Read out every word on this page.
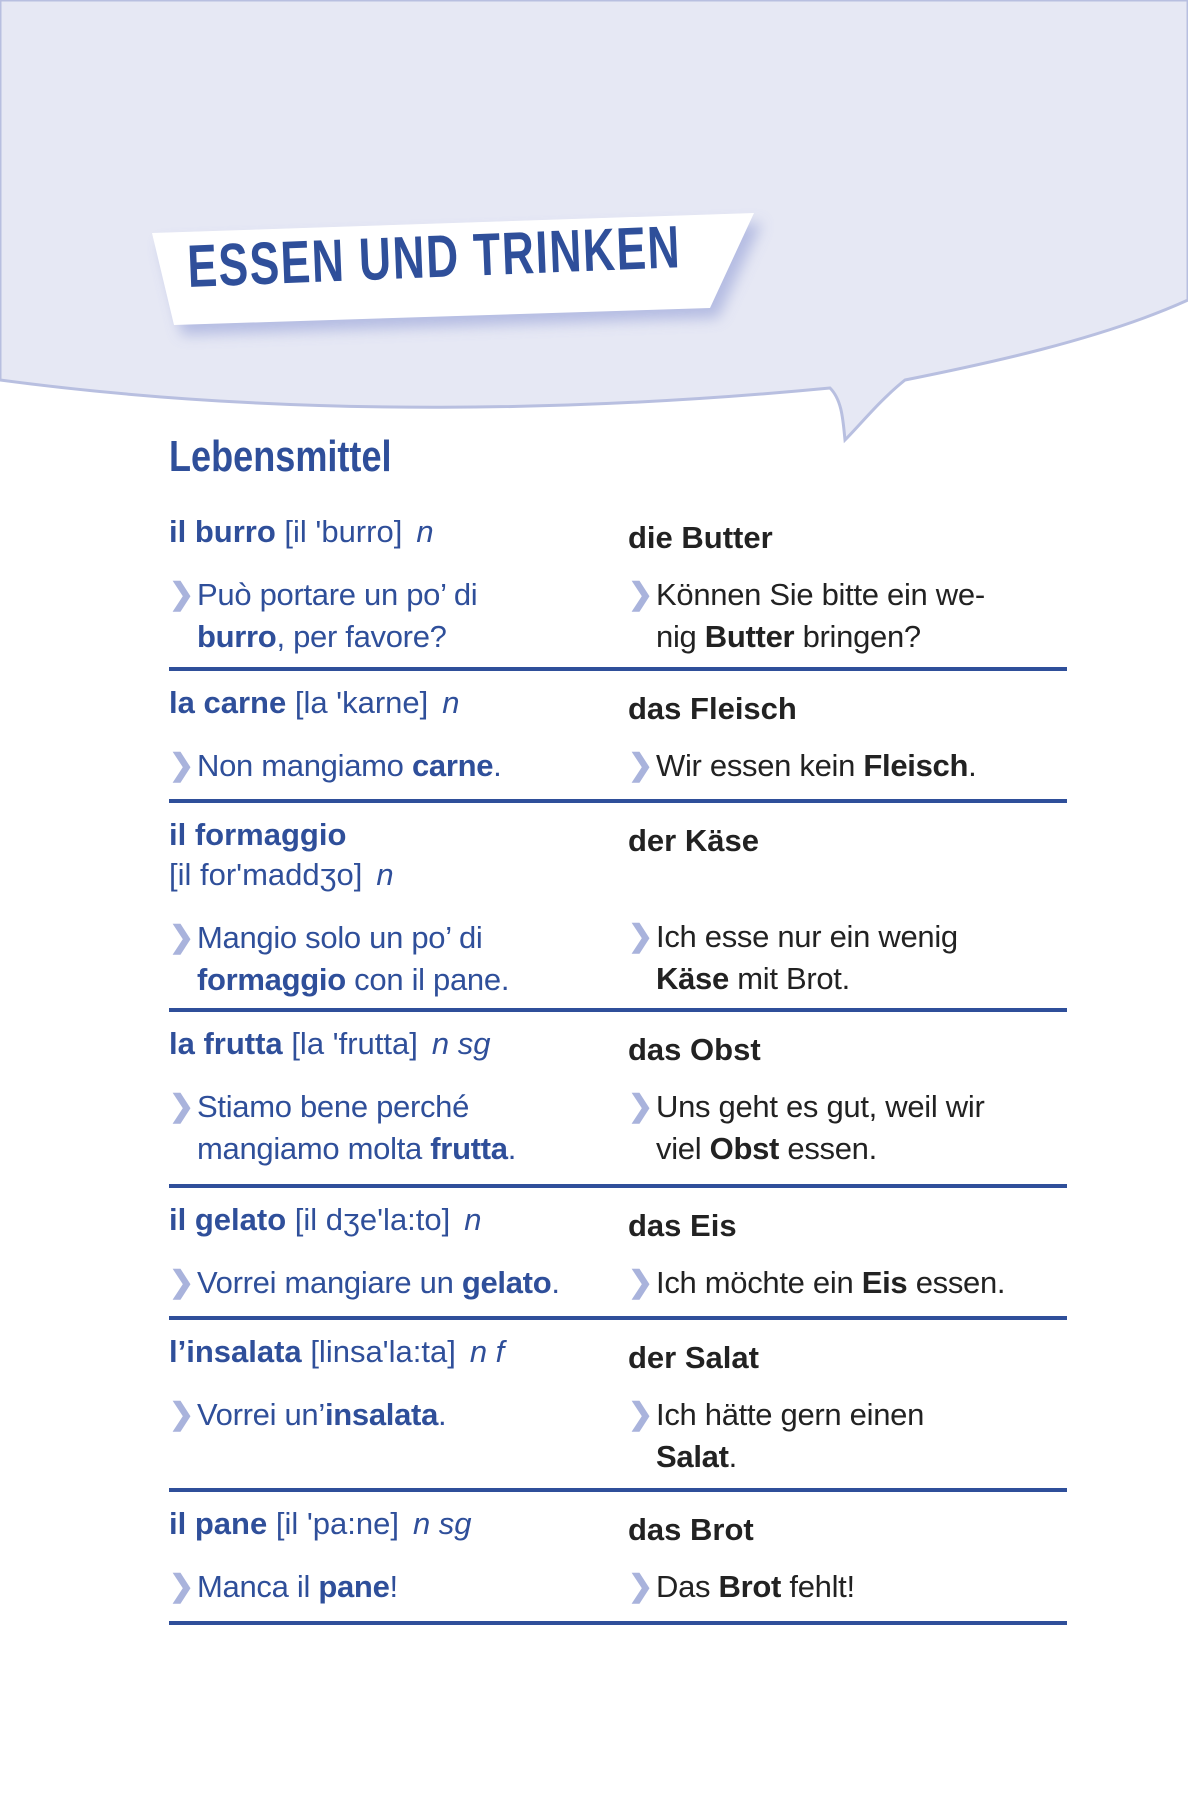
ESSEN UND TRINKEN
Lebensmittel
il burro [il 'burro] n
❯ Può portare un po’ di
burro, per favore?
die Butter
❯ Können Sie bitte ein we-
nig Butter bringen?
la carne [la 'karne] n
❯ Non mangiamo carne.
das Fleisch
❯ Wir essen kein Fleisch.
il formaggio
[il for'maddʒo] n
❯ Mangio solo un po’ di
formaggio con il pane.
der Käse
❯ Ich esse nur ein wenig
Käse mit Brot.
la frutta [la 'frutta] n sg
❯ Stiamo bene perché
mangiamo molta frutta.
das Obst
❯ Uns geht es gut, weil wir
viel Obst essen.
il gelato [il dʒe'la:to] n
❯ Vorrei mangiare un gelato.
das Eis
❯ Ich möchte ein Eis essen.
l’insalata [linsa'la:ta] n f
❯ Vorrei un’insalata.
der Salat
❯ Ich hätte gern einen
Salat.
il pane [il 'pa:ne] n sg
❯ Manca il pane!
das Brot
❯ Das Brot fehlt!
